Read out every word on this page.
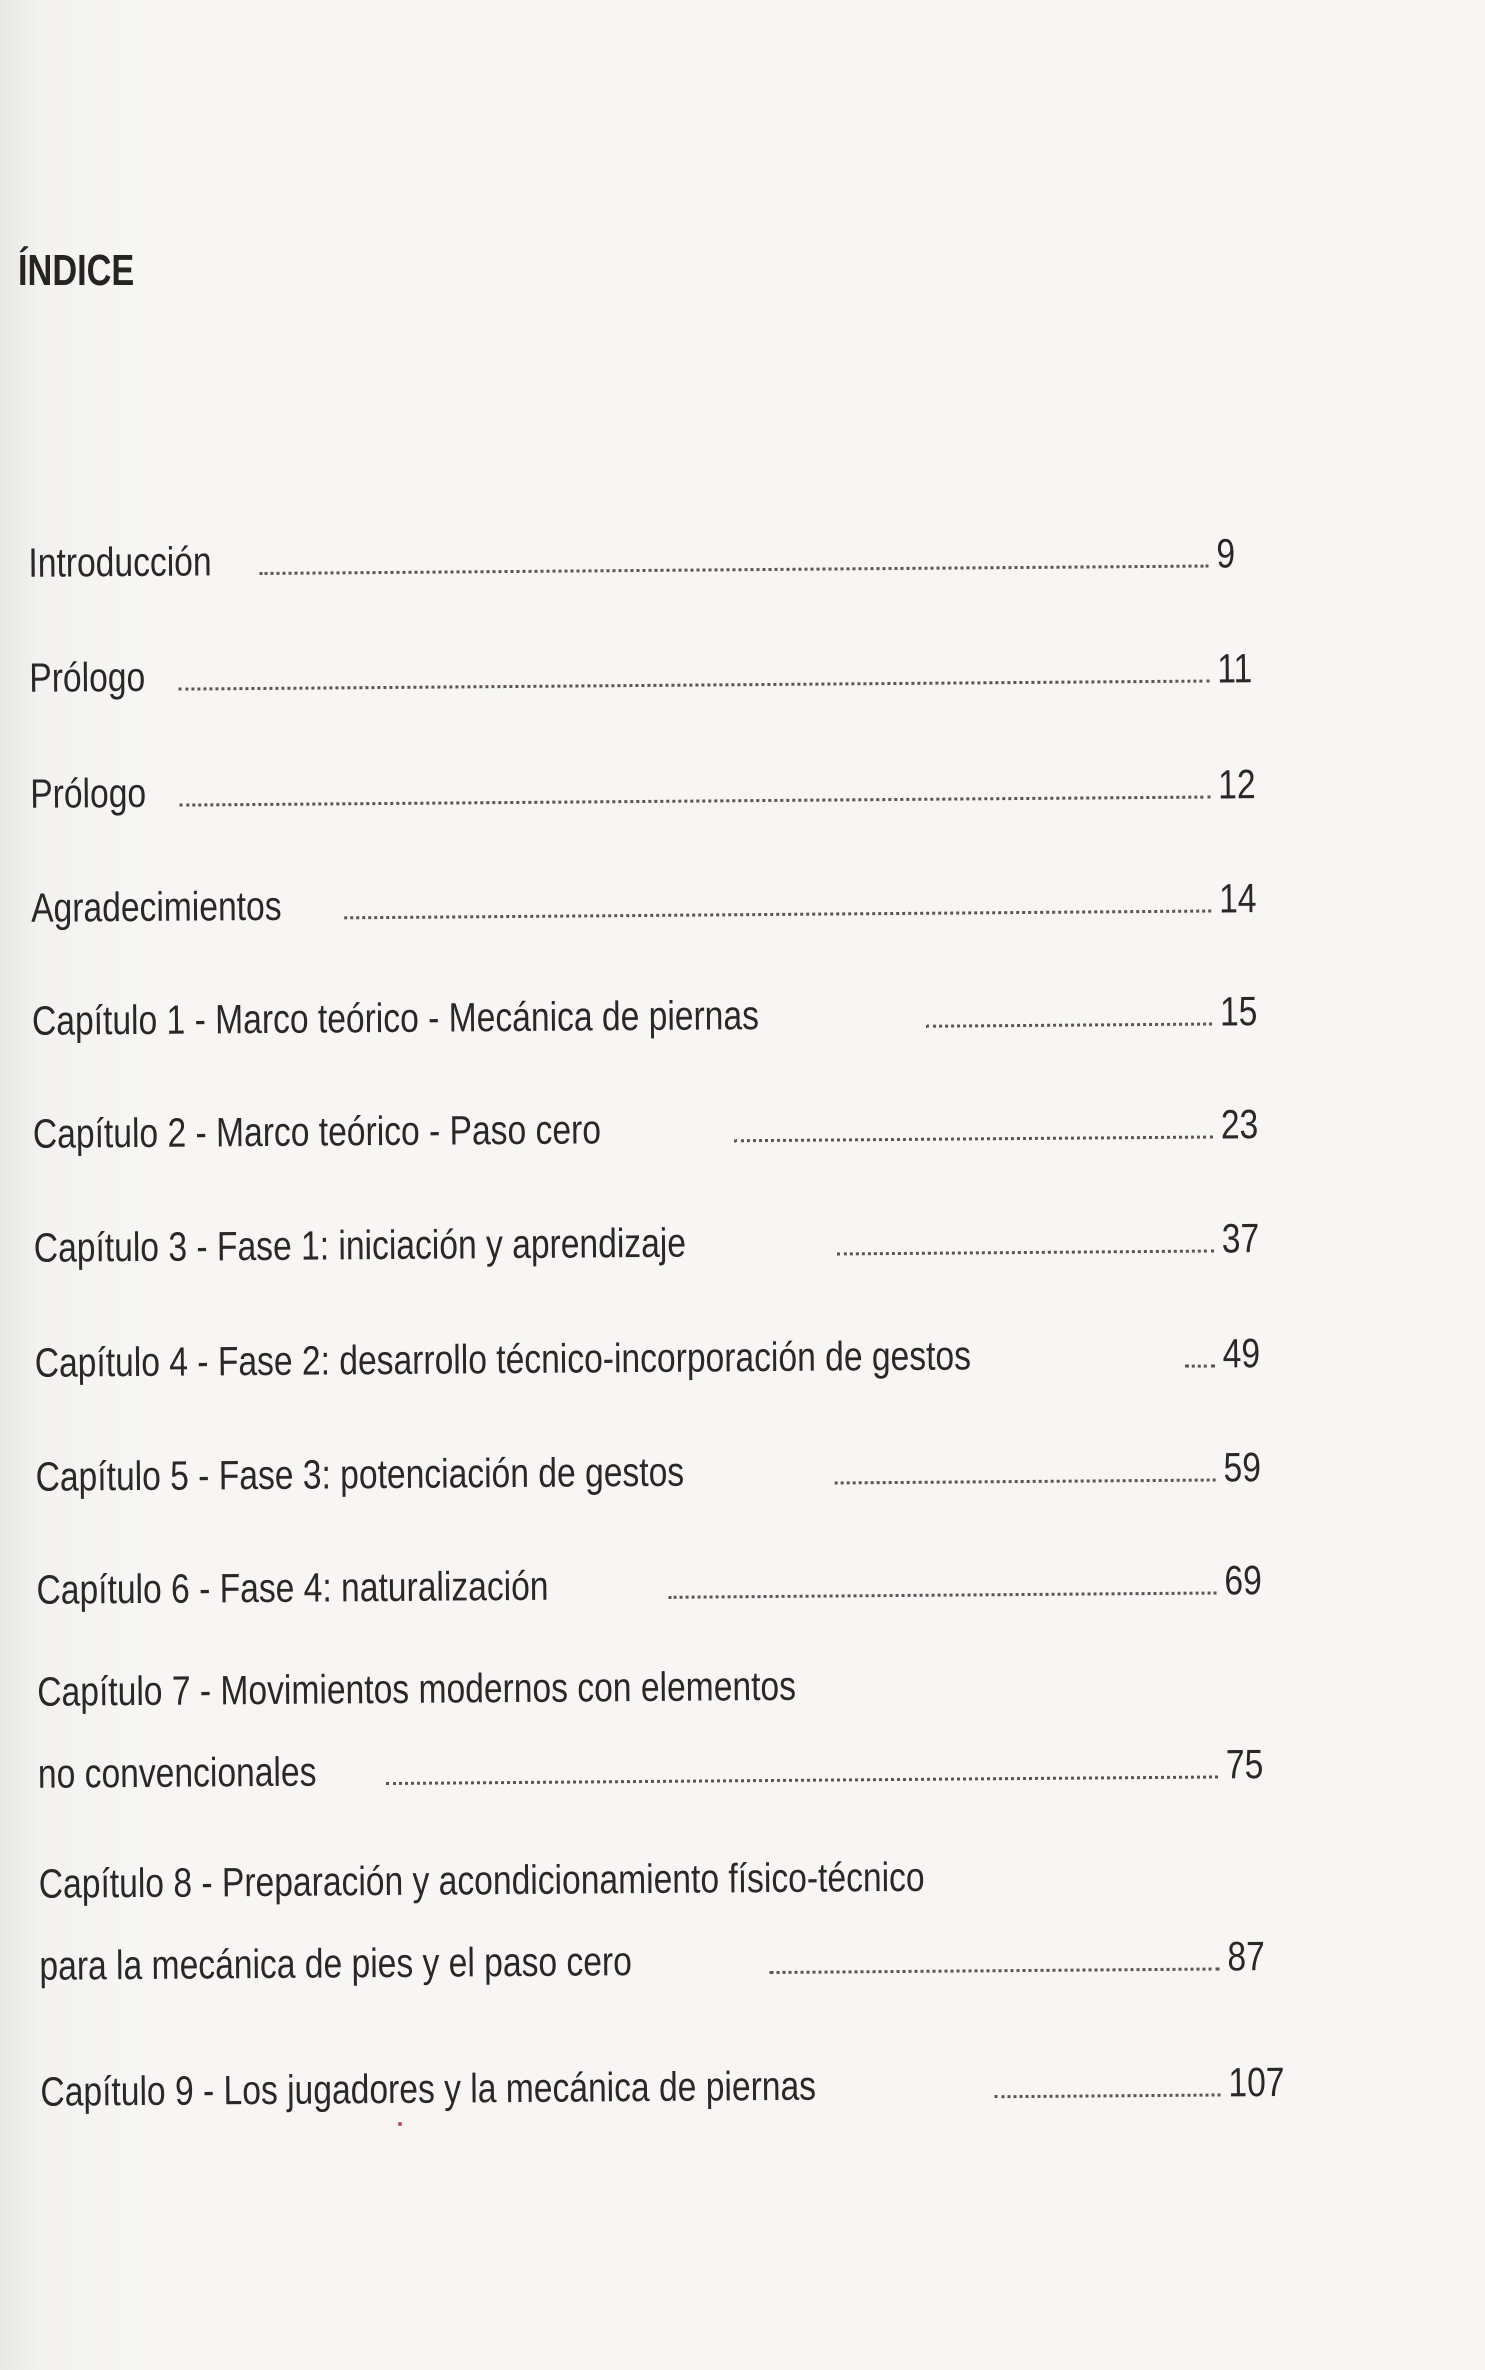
ÍNDICE
Introducción	9
Prólogo	11
Prólogo	12
Agradecimientos	14
Capítulo 1 - Marco teórico - Mecánica de piernas	15
Capítulo 2 - Marco teórico - Paso cero	23
Capítulo 3 - Fase 1: iniciación y aprendizaje	37
Capítulo 4 - Fase 2: desarrollo técnico-incorporación de gestos	49
Capítulo 5 - Fase 3: potenciación de gestos	59
Capítulo 6 - Fase 4: naturalización	69
Capítulo 7 - Movimientos modernos con elementos
no convencionales	75
Capítulo 8 - Preparación y acondicionamiento físico-técnico
para la mecánica de pies y el paso cero	87
Capítulo 9 - Los jugadores y la mecánica de piernas	107
